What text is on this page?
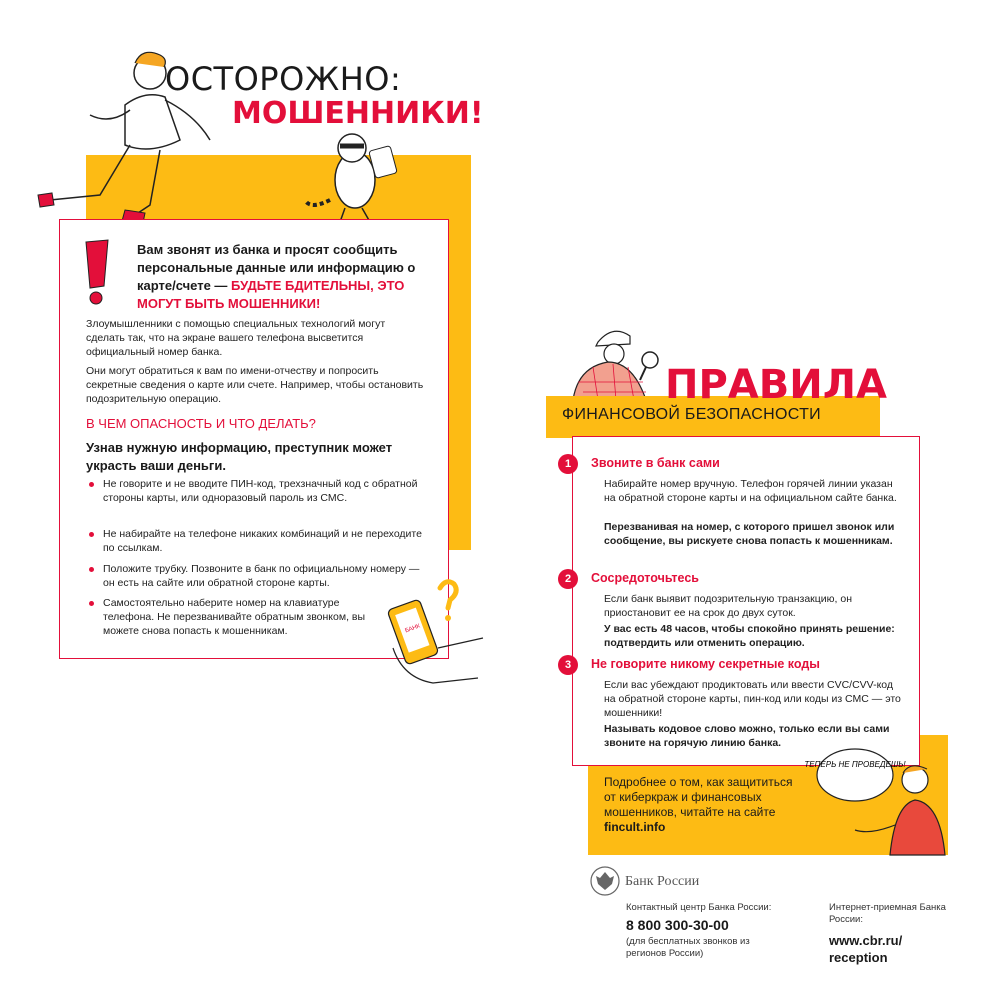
ОСТОРОЖНО:
МОШЕННИКИ!
Вам звонят из банка и просят сообщить персональные данные или информацию о карте/счете — БУДЬТЕ БДИТЕЛЬНЫ, ЭТО МОГУТ БЫТЬ МОШЕННИКИ!
Злоумышленники с помощью специальных технологий могут сделать так, что на экране вашего телефона высветится официальный номер банка.
Они могут обратиться к вам по имени-отчеству и попросить секретные сведения о карте или счете. Например, чтобы остановить подозрительную операцию.
В ЧЕМ ОПАСНОСТЬ И ЧТО ДЕЛАТЬ?
Узнав нужную информацию, преступник может украсть ваши деньги.
Не говорите и не вводите ПИН-код, трехзначный код с обратной стороны карты, или одноразовый пароль из СМС.
Не набирайте на телефоне никаких комбинаций и не переходите по ссылкам.
Положите трубку. Позвоните в банк по официальному номеру — он есть на сайте или обратной стороне карты.
Самостоятельно наберите номер на клавиатуре телефона. Не перезванивайте обратным звонком, вы можете снова попасть к мошенникам.	БАНК
ПРАВИЛА
ФИНАНСОВОЙ БЕЗОПАСНОСТИ
1	Звоните в банк сами
Набирайте номер вручную. Телефон горячей линии указан на обратной стороне карты и на официальном сайте банка.
Перезванивая на номер, с которого пришел звонок или сообщение, вы рискуете снова попасть к мошенникам.
2	Сосредоточьтесь
Если банк выявит подозрительную транзакцию, он приостановит ее на срок до двух суток.
У вас есть 48 часов, чтобы спокойно принять решение: подтвердить или отменить операцию.
3	Не говорите никому секретные коды
Если вас убеждают продиктовать или ввести CVC/CVV-код на обратной стороне карты, пин-код или коды из СМС — это мошенники!
Называть кодовое слово можно, только если вы сами звоните на горячую линию банка.
Подробнее о том, как защититься от киберкраж и финансовых мошенников, читайте на сайте fincult.info
ТЕПЕРЬ НЕ ПРОВЕДЕШЬ!
Банк России
Контактный центр Банка России:
8 800 300-30-00
(для бесплатных звонков из регионов России)
Интернет-приемная Банка России:
www.cbr.ru/ reception
